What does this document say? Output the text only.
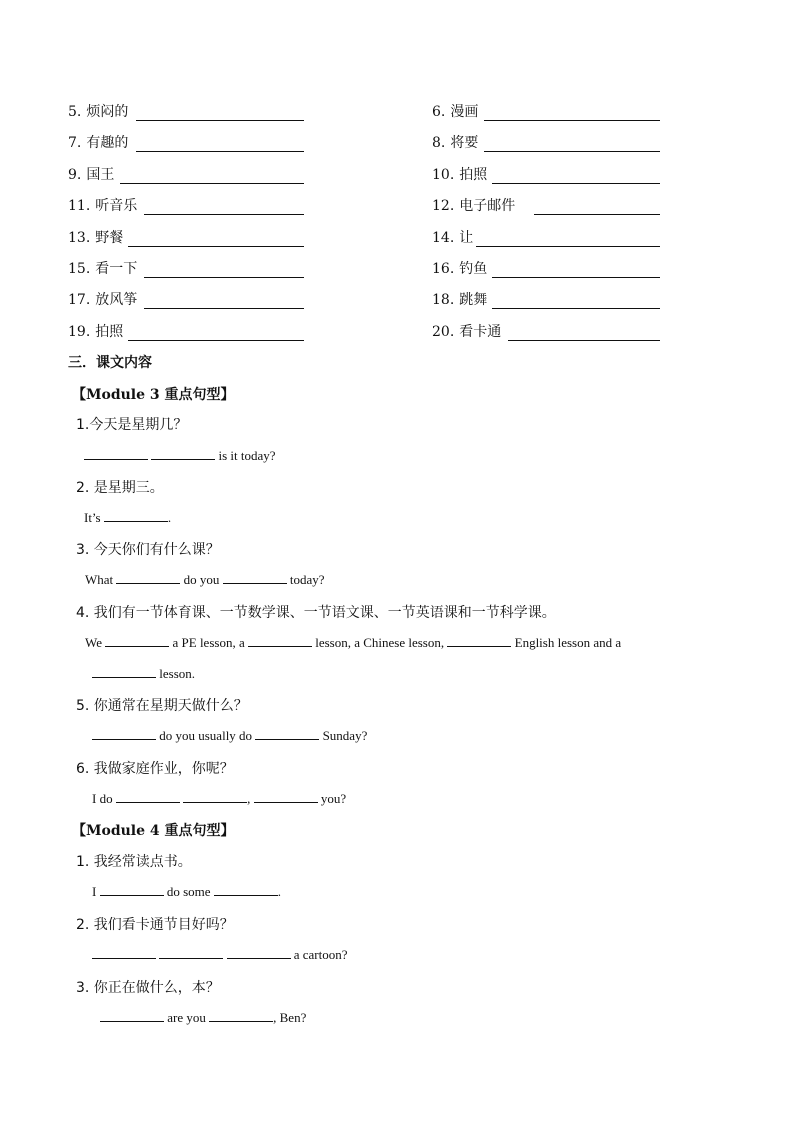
5. 烦闷的	6. 漫画
7. 有趣的	8. 将要
9. 国王	10. 拍照
11. 听音乐	12. 电子邮件
13. 野餐	14. 让
15. 看一下	16. 钓鱼
17. 放风筝	18. 跳舞
19. 拍照	20. 看卡通
三．课文内容
【Module 3 重点句型】
1.今天是星期几？
is it today?
2. 是星期三。
It’s	.
3. 今天你们有什么课？
What	do you	today?
4. 我们有一节体育课、一节数学课、一节语文课、一节英语课和一节科学课。
We	a PE lesson, a	lesson, a Chinese lesson,	English lesson and a
lesson.
5. 你通常在星期天做什么？
do you usually do	Sunday?
6. 我做家庭作业，你呢？
I do	,	you?
【Module 4 重点句型】
1. 我经常读点书。
I	do some	.
2. 我们看卡通节目好吗？
a cartoon?
3. 你正在做什么，本？
are you	, Ben?
